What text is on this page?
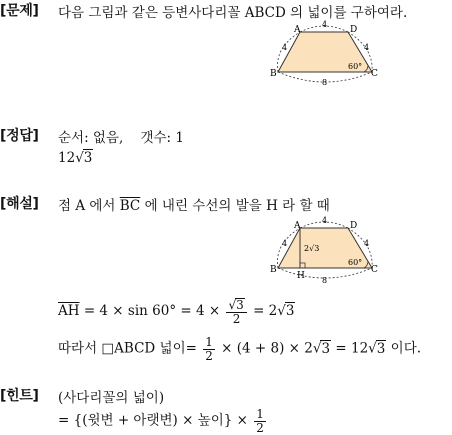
[문제] 다음 그림과 같은 등변사다리꼴 ABCD 의 넓이를 구하여라.
A	D
B	C
4
4	4
60°
8
[정답] 순서: 없음, 갯수: 1
12√3
[해설] 점 A 에서 $\overline{BC}$ 에 내린 수선의 발을 H 라 할 때
A	D
B	C
H
4
4	4
2√3
60°
8
$\overline{AH} = 4 \times \sin 60^\circ = 4 \times \frac{√3}{2} = 2√3$
따라서 □ABCD 넓이= $\frac{1}{2} \times (4 + 8) \times 2√3 = 12√3$ 이다.
[힌트] (사다리꼴의 넓이)
= {(윗변 + 아랫변) × 높이} × $\frac{1}{2}$
